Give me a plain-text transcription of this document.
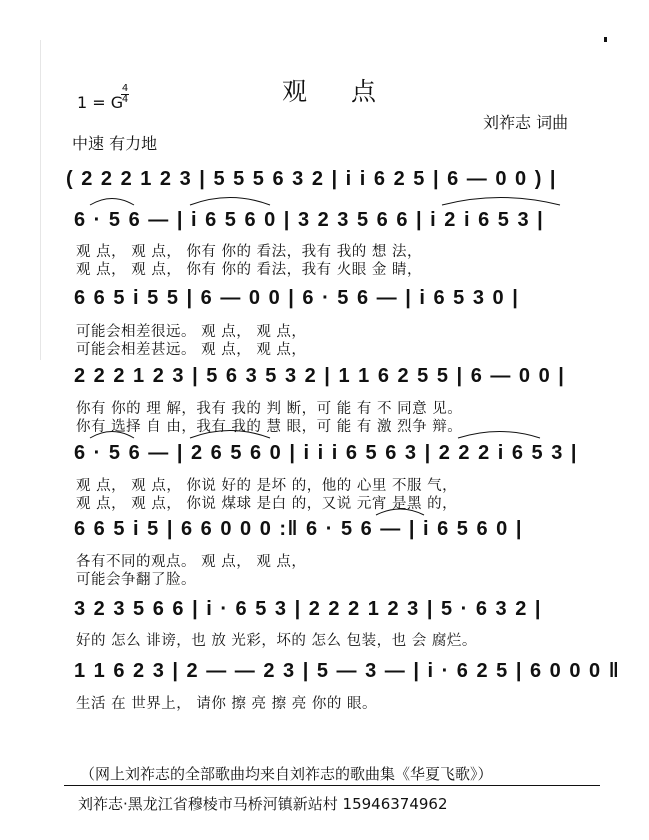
观 点
1 = G
4
4
刘祚志 词曲
中速 有力地
( 2 2 2 1 2 3 | 5 5 5 6 3 2 | i i 6 2 5 | 6 — 0 0 ) |
6 · 5 6 — | i 6 5 6 0 | 3 2 3 5 6 6 | i 2 i 6 5 3 |
观 点， 观 点， 你有 你的 看法，我有 我的 想 法，
观 点， 观 点， 你有 你的 看法，我有 火眼 金 睛，
6 6 5 i 5 5 | 6 — 0 0 | 6 · 5 6 — | i 6 5 3 0 |
可能会相差很远。 观 点， 观 点，
可能会相差甚远。 观 点， 观 点，
2 2 2 1 2 3 | 5 6 3 5 3 2 | 1 1 6 2 5 5 | 6 — 0 0 |
你有 你的 理 解，我有 我的 判 断，可 能 有 不 同意 见。
你有 选择 自 由，我有 我的 慧 眼，可 能 有 激 烈争 辩。
6 · 5 6 — | 2 6 5 6 0 | i i i 6 5 6 3 | 2 2 2 i 6 5 3 |
观 点， 观 点， 你说 好的 是坏 的，他的 心里 不服 气，
观 点， 观 点， 你说 煤球 是白 的，又说 元宵 是黑 的，
6 6 5 i 5 | 6 6 0 0 0 :‖ 6 · 5 6 — | i 6 5 6 0 |
各有不同的观点。 观 点， 观 点，
可能会争翻了脸。
3 2 3 5 6 6 | i · 6 5 3 | 2 2 2 1 2 3 | 5 · 6 3 2 |
好的 怎么 诽谤，也 放 光彩，坏的 怎么 包装，也 会 腐烂。
1 1 6 2 3 | 2 — — 2 3 | 5 — 3 — | i · 6 2 5 | 6 0 0 0 ‖
生活 在 世界上， 请你 擦 亮 擦 亮 你的 眼。
（网上刘祚志的全部歌曲均来自刘祚志的歌曲集《华夏飞歌》）
刘祚志·黑龙江省穆棱市马桥河镇新站村 15946374962
